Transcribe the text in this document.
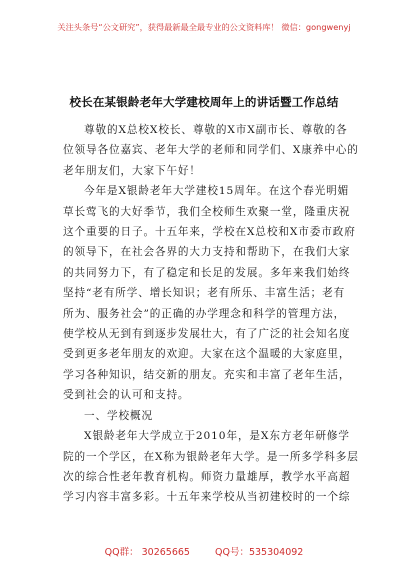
关注头条号“公文研究”，获得最新最全最专业的公文资料库！ 微信：gongwenyj
校长在某银龄老年大学建校周年上的讲话暨工作总结
尊敬的X总校X校长、尊敬的X市X副市长、尊敬的各
位领导各位嘉宾、老年大学的老师和同学们、X康养中心的
老年朋友们，大家下午好！
今年是X银龄老年大学建校15周年。在这个春光明媚
草长莺飞的大好季节，我们全校师生欢聚一堂，隆重庆祝
这个重要的日子。十五年来，学校在X总校和X市委市政府
的领导下，在社会各界的大力支持和帮助下，在我们大家
的共同努力下，有了稳定和长足的发展。多年来我们始终
坚持“老有所学、增长知识；老有所乐、丰富生活；老有
所为、服务社会”的正确的办学理念和科学的管理方法，
使学校从无到有到逐步发展壮大，有了广泛的社会知名度
受到更多老年朋友的欢迎。大家在这个温暖的大家庭里，
学习各种知识，结交新的朋友。充实和丰富了老年生活，
受到社会的认可和支持。
一、学校概况
X银龄老年大学成立于2010年，是X东方老年研修学
院的一个学区，在X称为银龄老年大学。是一所多学科多层
次的综合性老年教育机构。师资力量雄厚，教学水平高超
学习内容丰富多彩。十五年来学校从当初建校时的一个综
QQ群： 30265665	QQ号：535304092
